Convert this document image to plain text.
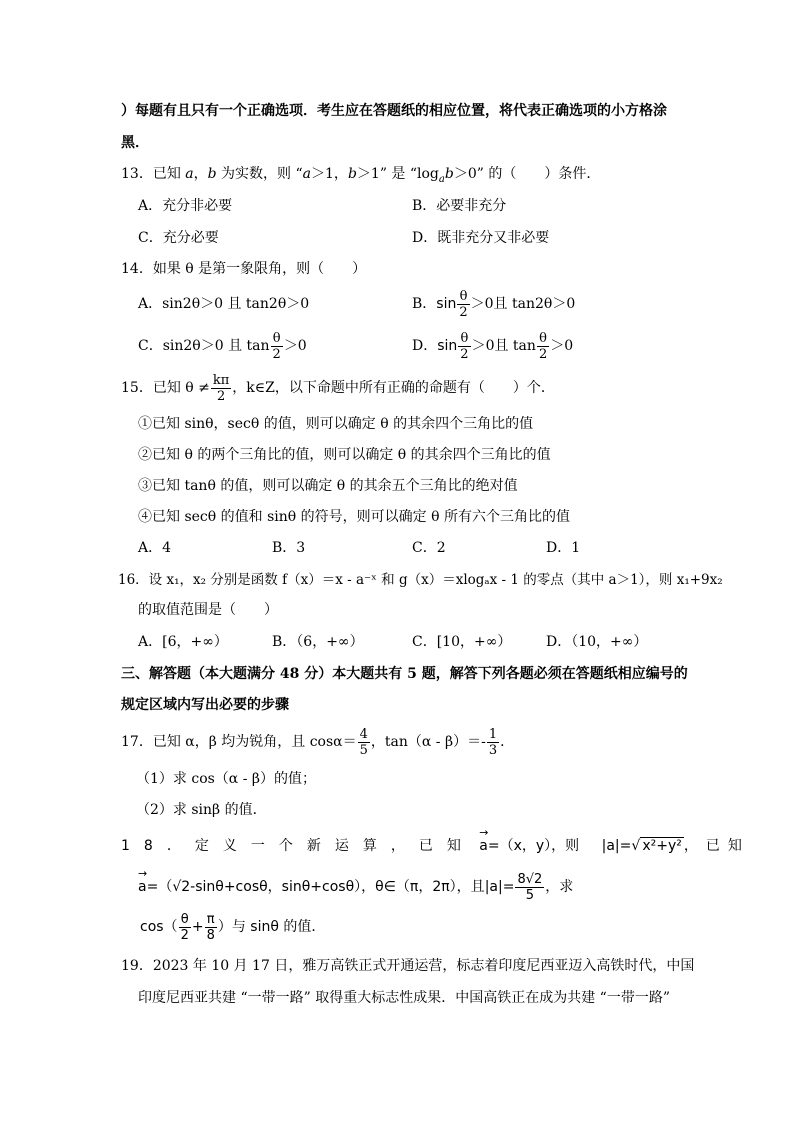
）每题有且只有一个正确选项．考生应在答题纸的相应位置，将代表正确选项的小方格涂
黑．
13．已知 a，b 为实数，则 “a＞1，b＞1” 是 “$\log_ab>0$” 的（　　）条件．
A．充分非必要	B．必要非充分
C．充分必要	D．既非充分又非必要
14．如果 θ 是第一象限角，则（　　）
A．sin2θ＞0 且 tan2θ＞0	B．$\sin \frac{\theta}{2} >0$且 tan2θ＞0
C．sin2θ＞0 且 $\tan \frac{\theta}{2} >0$	D．$\sin \frac{\theta}{2} >0$且 $\tan \frac{\theta}{2} >0$
15．已知 $\theta \ne \frac{k\pi}{2}$ ，k∈Z，以下命题中所有正确的命题有（　　）个．
①已知 sinθ，secθ 的值，则可以确定 θ 的其余四个三角比的值
②已知 θ 的两个三角比的值，则可以确定 θ 的其余四个三角比的值
③已知 tanθ 的值，则可以确定 θ 的其余五个三角比的绝对值
④已知 secθ 的值和 sinθ 的符号，则可以确定 θ 所有六个三角比的值
A．4	B．3	C．2	D．1
16．设 x₁，x₂ 分别是函数 f（x）＝x - a⁻ˣ 和 g（x）＝xlogₐx - 1 的零点（其中 a＞1），则 x₁+9x₂
的取值范围是（　　）
A．[6，+∞）	B．（6，+∞）	C．[10，+∞） D．（10，+∞）
三、解答题（本大题满分 48 分）本大题共有 5 题，解答下列各题必须在答题纸相应编号的
规定区域内写出必要的步骤
17．已知 α，β 均为锐角，且 $\cos\alpha= \frac{4}{5}$ ，$\tan(\alpha - \beta)=- \frac{1}{3}$ ．
（1）求 cos（α - β）的值；
（2）求 sinβ 的值．
18．定义一个新运算，已知 → a=（x，y），则 |a|=√ x²+y² ，已知
→ a=（√2-sinθ+cosθ，sinθ+cosθ），θ∈（π，2π），且$|a|= \frac{8√2}{5}$ ，求
$\cos( \frac{\theta}{2} + \frac{\pi}{8}$ ）与 sinθ 的值．
19．2023 年 10 月 17 日，雅万高铁正式开通运营，标志着印度尼西亚迈入高铁时代，中国
印度尼西亚共建 “一带一路” 取得重大标志性成果．中国高铁正在成为共建 “一带一路”
